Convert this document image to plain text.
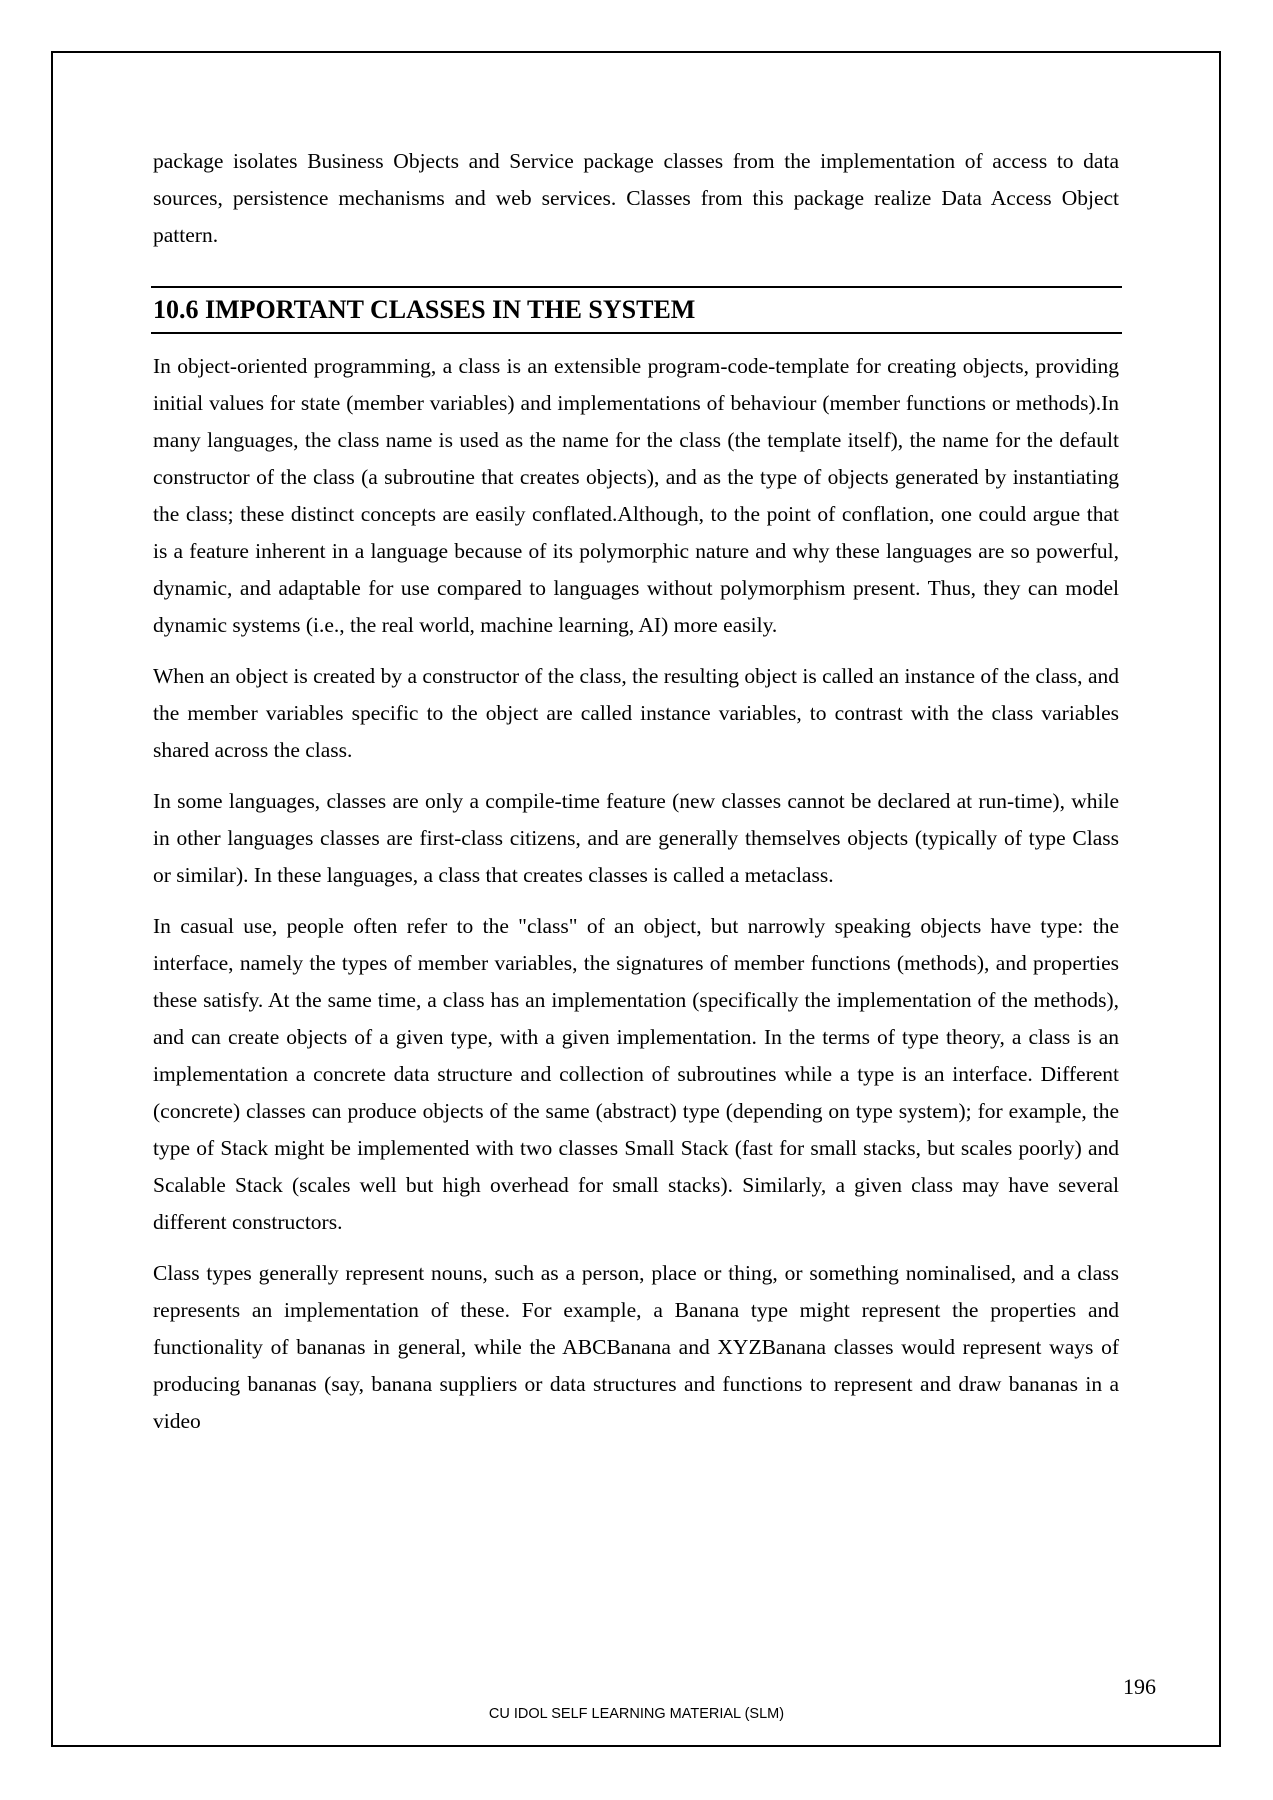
package isolates Business Objects and Service package classes from the implementation of access to data sources, persistence mechanisms and web services. Classes from this package realize Data Access Object pattern.

10.6 IMPORTANT CLASSES IN THE SYSTEM

In object-oriented programming, a class is an extensible program-code-template for creating objects, providing initial values for state (member variables) and implementations of behaviour (member functions or methods).In many languages, the class name is used as the name for the class (the template itself), the name for the default constructor of the class (a subroutine that creates objects), and as the type of objects generated by instantiating the class; these distinct concepts are easily conflated.Although, to the point of conflation, one could argue that is a feature inherent in a language because of its polymorphic nature and why these languages are so powerful, dynamic, and adaptable for use compared to languages without polymorphism present. Thus, they can model dynamic systems (i.e., the real world, machine learning, AI) more easily.

When an object is created by a constructor of the class, the resulting object is called an instance of the class, and the member variables specific to the object are called instance variables, to contrast with the class variables shared across the class.

In some languages, classes are only a compile-time feature (new classes cannot be declared at run-time), while in other languages classes are first-class citizens, and are generally themselves objects (typically of type Class or similar). In these languages, a class that creates classes is called a metaclass.

In casual use, people often refer to the "class" of an object, but narrowly speaking objects have type: the interface, namely the types of member variables, the signatures of member functions (methods), and properties these satisfy. At the same time, a class has an implementation (specifically the implementation of the methods), and can create objects of a given type, with a given implementation. In the terms of type theory, a class is an implementation a concrete data structure and collection of subroutines while a type is an interface. Different (concrete) classes can produce objects of the same (abstract) type (depending on type system); for example, the type of Stack might be implemented with two classes Small Stack (fast for small stacks, but scales poorly) and Scalable Stack (scales well but high overhead for small stacks). Similarly, a given class may have several different constructors.

Class types generally represent nouns, such as a person, place or thing, or something nominalised, and a class represents an implementation of these. For example, a Banana type might represent the properties and functionality of bananas in general, while the ABCBanana and XYZBanana classes would represent ways of producing bananas (say, banana suppliers or data structures and functions to represent and draw bananas in a video

196
CU IDOL SELF LEARNING MATERIAL (SLM)
